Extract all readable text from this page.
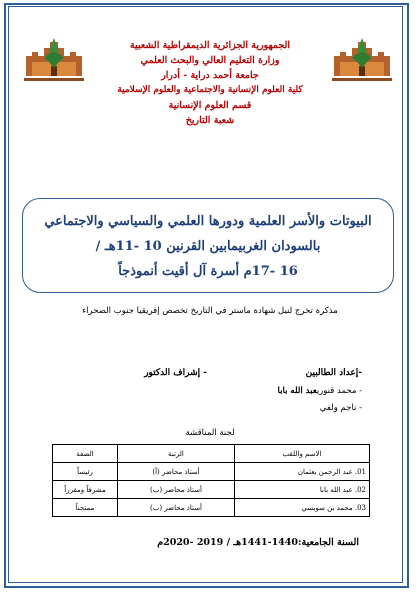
الجمهورية الجزائرية الديمقراطية الشعبية
وزارة التعليم العالي والبحث العلمي
جامعة أحمد دراية - أدرار
كلية العلوم الإنسانية والاجتماعية والعلوم الإسلامية
قسم العلوم الإنسانية
شعبة التاريخ
البيوتات والأسر العلمية ودورها العلمي والسياسي والاجتماعي
بالسودان الغربيمابين القرنين 10 -11هـ /
16 -17م أسرة آل أقيت أنموذجاً
مذكرة تخرج لنيل شهادة ماستر في التاريخ تخصص إفريقيا جنوب الصحراء
-إعداد الطالبين
- إشراف الدكتور
- محمد قنوريعبد الله بابا
- ناجم ولفي
لجنة المناقشة
الاسم واللقب	الرتبة	الصفة
01. عبد الرحمن بعثمان	أستاذ محاضر (أ)	رئيساً
02. عبد الله بابا	أستاذ محاضر (ب)	مشرفاً ومقرراً
03. محمد بن سويسي	أستاذ محاضر (ب)	ممتحناً
السنة الجامعية:1440-1441هـ / 2019 -2020م
